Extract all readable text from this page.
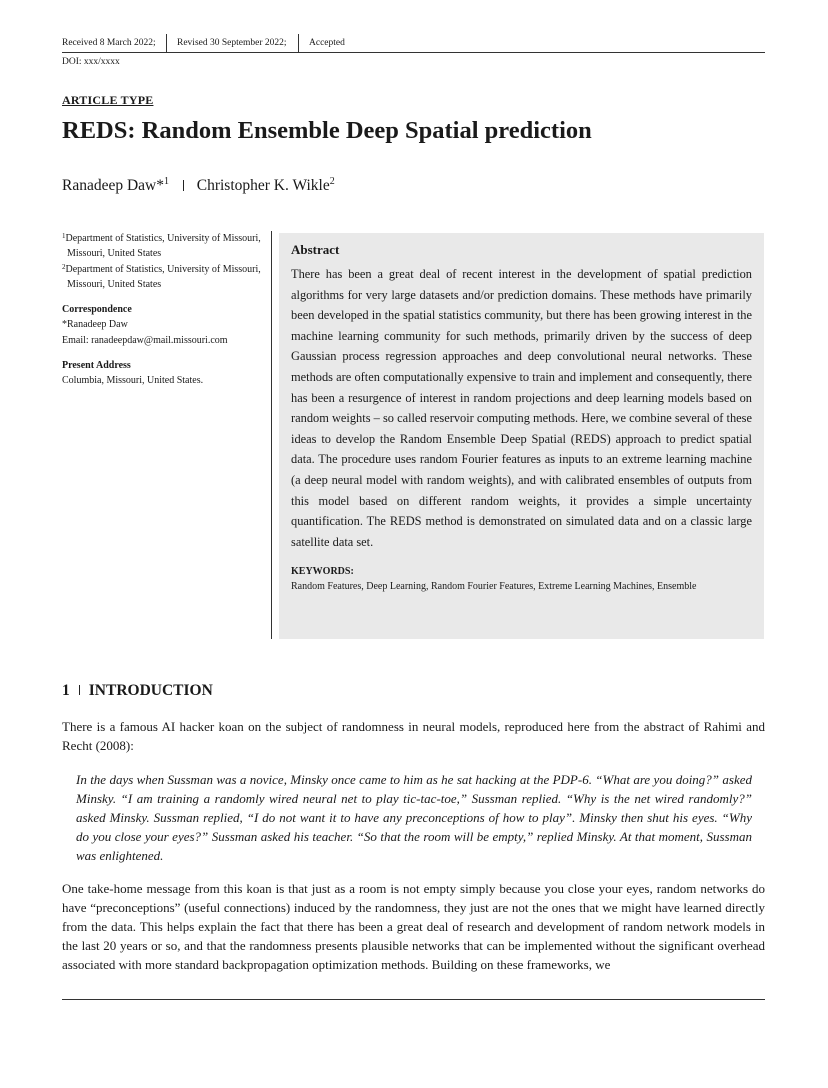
Received 8 March 2022; Revised 30 September 2022; Accepted
DOI: xxx/xxxx
ARTICLE TYPE
REDS: Random Ensemble Deep Spatial prediction
Ranadeep Daw*$^1$ Christopher K. Wikle$^2$
$^1$Department of Statistics, University of Missouri, Missouri, United States
$^2$Department of Statistics, University of Missouri, Missouri, United States
Correspondence
*Ranadeep Daw
Email: ranadeepdaw@mail.missouri.com
Present Address
Columbia, Missouri, United States.
Abstract
There has been a great deal of recent interest in the development of spatial prediction algorithms for very large datasets and/or prediction domains. These methods have primarily been developed in the spatial statistics community, but there has been growing interest in the machine learning community for such methods, primarily driven by the success of deep Gaussian process regression approaches and deep convolutional neural networks. These methods are often computationally expensive to train and implement and consequently, there has been a resurgence of interest in random projections and deep learning models based on random weights – so called reservoir computing methods. Here, we combine several of these ideas to develop the Random Ensemble Deep Spatial (REDS) approach to predict spatial data. The procedure uses random Fourier features as inputs to an extreme learning machine (a deep neural model with random weights), and with calibrated ensembles of outputs from this model based on different random weights, it provides a simple uncertainty quantification. The REDS method is demonstrated on simulated data and on a classic large satellite data set.
KEYWORDS:
Random Features, Deep Learning, Random Fourier Features, Extreme Learning Machines, Ensemble
1 INTRODUCTION
There is a famous AI hacker koan on the subject of randomness in neural models, reproduced here from the abstract of Rahimi and Recht (2008):
In the days when Sussman was a novice, Minsky once came to him as he sat hacking at the PDP-6. “What are you doing?” asked Minsky. “I am training a randomly wired neural net to play tic-tac-toe,” Sussman replied. “Why is the net wired randomly?” asked Minsky. Sussman replied, “I do not want it to have any preconceptions of how to play”. Minsky then shut his eyes. “Why do you close your eyes?” Sussman asked his teacher. “So that the room will be empty,” replied Minsky. At that moment, Sussman was enlightened.
One take-home message from this koan is that just as a room is not empty simply because you close your eyes, random networks do have “preconceptions” (useful connections) induced by the randomness, they just are not the ones that we might have learned directly from the data. This helps explain the fact that there has been a great deal of research and development of random network models in the last 20 years or so, and that the randomness presents plausible networks that can be implemented without the significant overhead associated with more standard backpropagation optimization methods. Building on these frameworks, we
